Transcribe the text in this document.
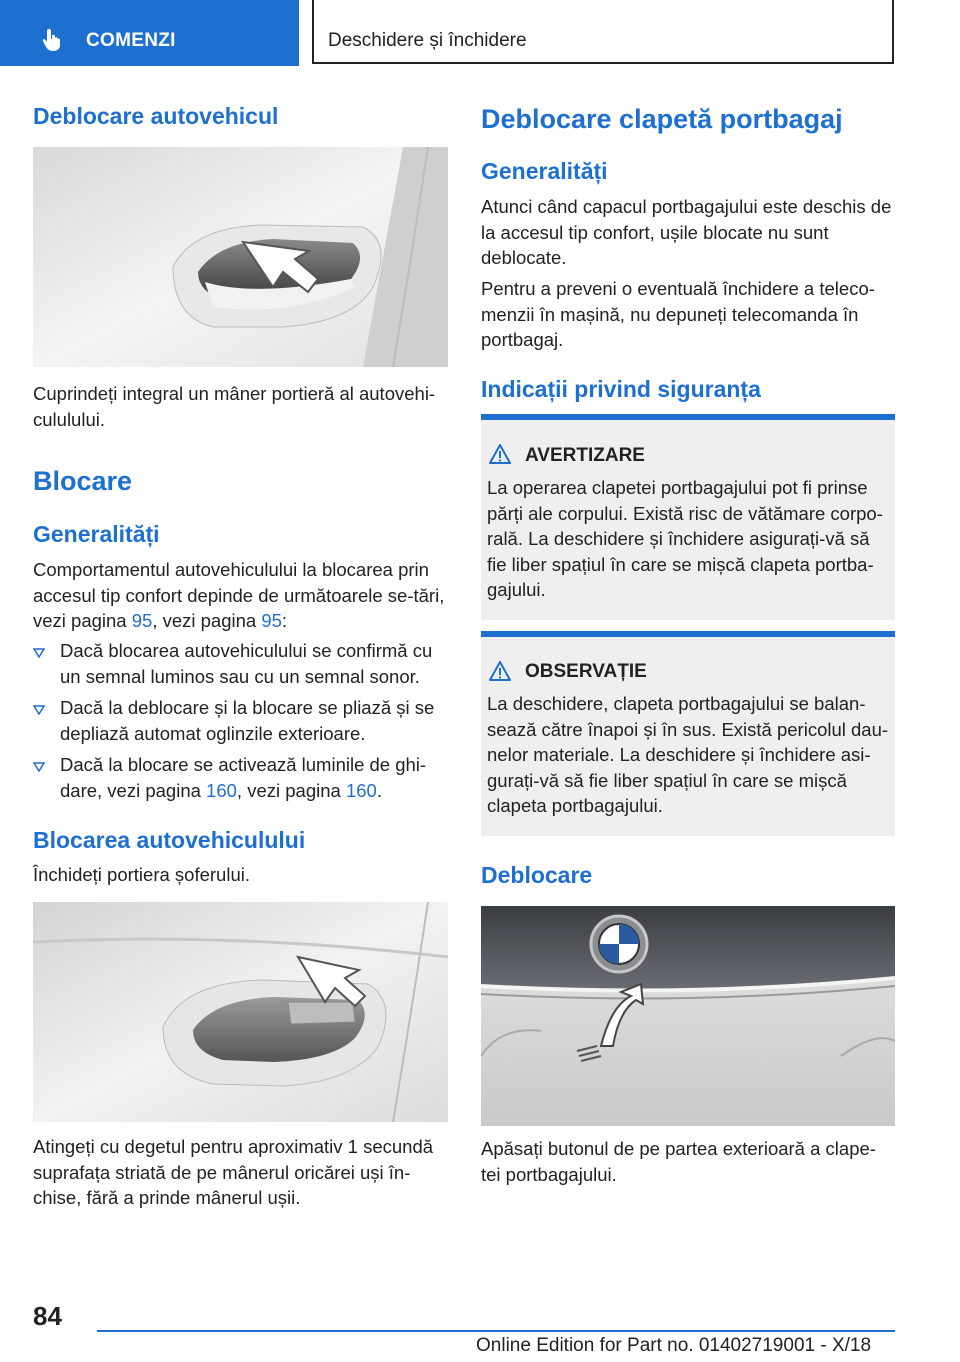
COMENZI	Deschidere și închidere
Deblocare autovehicul

Cuprindeți integral un mâner portieră al autovehi-
cululului.

Blocare
Generalități

Comportamentul autovehiculului la blocarea prin accesul tip confort depinde de următoarele se-tări, vezi pagina 95, vezi pagina 95:

Dacă blocarea autovehiculului se confirmă cu un semnal luminos sau cu un semnal sonor.
Dacă la deblocare și la blocare se pliază și se depliază automat oglinzile exterioare.
Dacă la blocare se activează luminile de ghi-dare, vezi pagina 160, vezi pagina 160.
Blocarea autovehiculului

Închideți portiera șoferului.

Atingeți cu degetul pentru aproximativ 1 secundă suprafața striată de pe mânerul oricărei uși în-chise, fără a prinde mânerul ușii.

Deblocare clapetă portbagaj
Generalități

Atunci când capacul portbagajului este deschis de la accesul tip confort, ușile blocate nu sunt deblocate.

Pentru a preveni o eventuală închidere a teleco-menzii în mașină, nu depuneți telecomanda în portbagaj.

Indicații privind siguranța
AVERTIZARE
La operarea clapetei portbagajului pot fi prinse părți ale corpului. Există risc de vătămare corpo-rală. La deschidere și închidere asigurați-vă să fie liber spațiul în care se mișcă clapeta portba-gajului.
OBSERVAȚIE
La deschidere, clapeta portbagajului se balan-sează către înapoi și în sus. Există pericolul dau-nelor materiale. La deschidere și închidere asi-gurați-vă să fie liber spațiul în care se mișcă clapeta portbagajului.
Deblocare

Apăsați butonul de pe partea exterioară a clape-tei portbagajului.

84
Online Edition for Part no. 01402719001 - X/18
